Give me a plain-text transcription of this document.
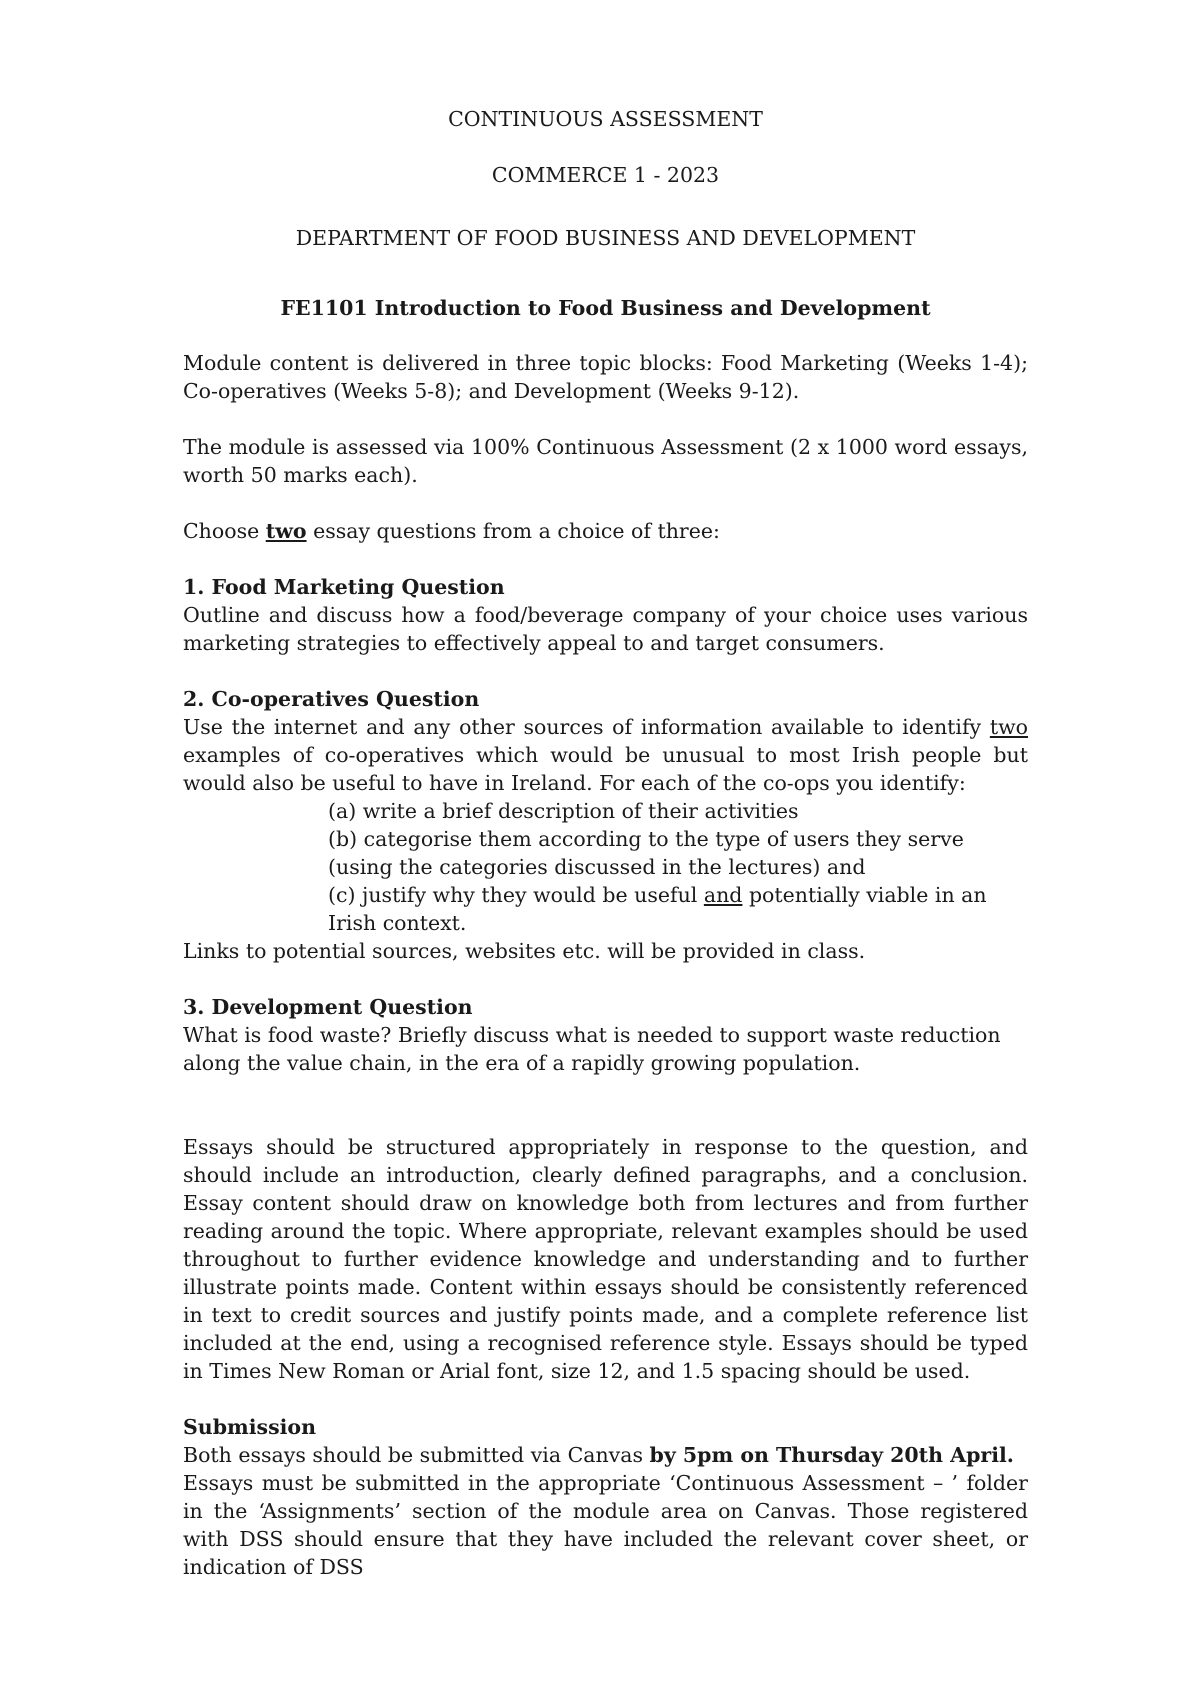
CONTINUOUS ASSESSMENT
COMMERCE 1 - 2023
DEPARTMENT OF FOOD BUSINESS AND DEVELOPMENT
FE1101 Introduction to Food Business and Development

Module content is delivered in three topic blocks: Food Marketing (Weeks 1-4); Co-operatives (Weeks 5-8); and Development (Weeks 9-12).

The module is assessed via 100% Continuous Assessment (2 x 1000 word essays, worth 50 marks each).

Choose two essay questions from a choice of three:

1. Food Marketing Question
Outline and discuss how a food/beverage company of your choice uses various marketing strategies to effectively appeal to and target consumers.
2. Co-operatives Question
Use the internet and any other sources of information available to identify two examples of co-operatives which would be unusual to most Irish people but would also be useful to have in Ireland. For each of the co-ops you identify:
(a) write a brief description of their activities
(b) categorise them according to the type of users they serve (using the categories discussed in the lectures) and
(c) justify why they would be useful and potentially viable in an Irish context.
Links to potential sources, websites etc. will be provided in class.
3. Development Question
What is food waste? Briefly discuss what is needed to support waste reduction along the value chain, in the era of a rapidly growing population.

Essays should be structured appropriately in response to the question, and should include an introduction, clearly defined paragraphs, and a conclusion. Essay content should draw on knowledge both from lectures and from further reading around the topic. Where appropriate, relevant examples should be used throughout to further evidence knowledge and understanding and to further illustrate points made. Content within essays should be consistently referenced in text to credit sources and justify points made, and a complete reference list included at the end, using a recognised reference style. Essays should be typed in Times New Roman or Arial font, size 12, and 1.5 spacing should be used.

Submission
Both essays should be submitted via Canvas by 5pm on Thursday 20th April.

Essays must be submitted in the appropriate ‘Continuous Assessment – ’ folder in the ‘Assignments’ section of the module area on Canvas. Those registered with DSS should ensure that they have included the relevant cover sheet, or indication of DSS
